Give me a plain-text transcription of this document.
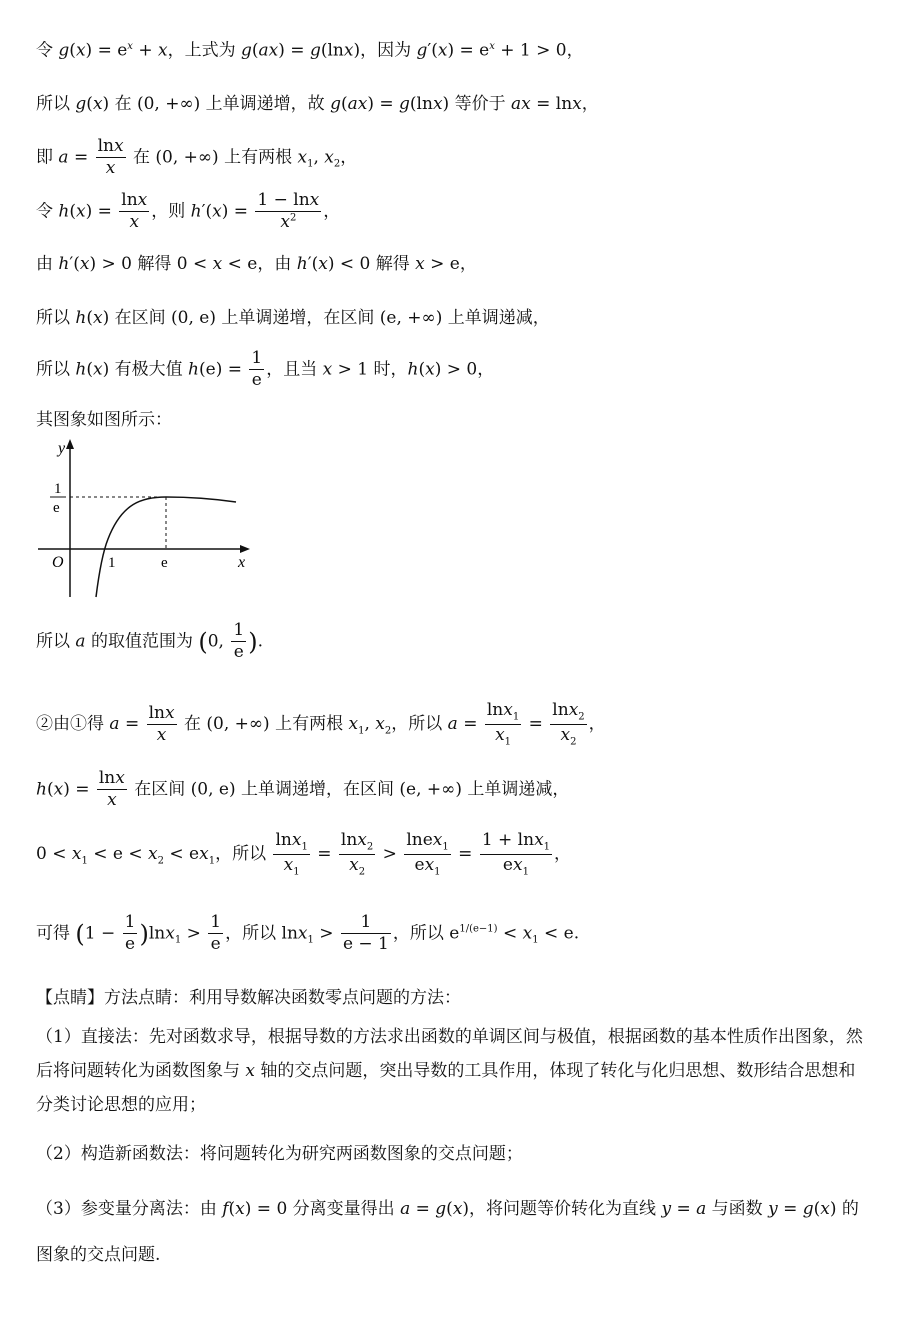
令 $g(x) = e^x + x$，上式为 g(ax) = g(lnx)，因为 $g'(x) = e^x + 1 > 0$，
所以 g(x) 在 (0, +∞) 上单调递增，故 g(ax) = g(lnx) 等价于 ax = lnx，
即 $a = \frac{\ln x}{x}$ 在 (0, +∞) 上有两根 $x_1$, $x_2$，
令 $h(x) = \frac{\ln x}{x}$ ，则 $h'(x) = \frac{1 - \ln x}{x^2}$ ，
由 h′(x) > 0 解得 0 < x < e，由 h′(x) < 0 解得 x > e，
所以 h(x) 在区间 (0, e) 上单调递增，在区间 (e, +∞) 上单调递减，
所以 h(x) 有极大值 $h(e) = \frac{1}{e}$ ，且当 x > 1 时，h(x) > 0，
其图象如图所示：
y
x
O
1
e
1	e
所以 a 的取值范围为 (0, $\frac{1}{e}$ ).
②由①得 $a = \frac{\ln x}{x}$ 在 (0, +∞) 上有两根 $x_1$, $x_2$，所以 $a = \frac{\ln x_1}{x_1} = \frac{\ln x_2}{x_2}$ ，
$h(x) = \frac{\ln x}{x}$ 在区间 (0, e) 上单调递增，在区间 (e, +∞) 上单调递减，
$0 < x_1 < e < x_2 < ex_1$，所以 $\frac{\ln x_1}{x_1} = \frac{\ln x_2}{x_2} > \frac{lnex_1}{ex_1} = \frac{1 + \ln x_1}{ex_1}$ ，
可得 $(1 - \frac{1}{e} )\ln x_1 > \frac{1}{e}$ ，所以 $\ln x_1 > \frac{1}{e - 1}$ ，所以 $e^{1/(e-1)} < x_1 < e$.
【点睛】方法点睛：利用导数解决函数零点问题的方法：
（1）直接法：先对函数求导，根据导数的方法求出函数的单调区间与极值，根据函数的基本性质作出图象，然后将问题转化为函数图象与 x 轴的交点问题，突出导数的工具作用，体现了转化与化归思想、数形结合思想和分类讨论思想的应用；
（2）构造新函数法：将问题转化为研究两函数图象的交点问题；
（3）参变量分离法：由 f(x) = 0 分离变量得出 a = g(x)，将问题等价转化为直线 y = a 与函数 y = g(x) 的图象的交点问题.
